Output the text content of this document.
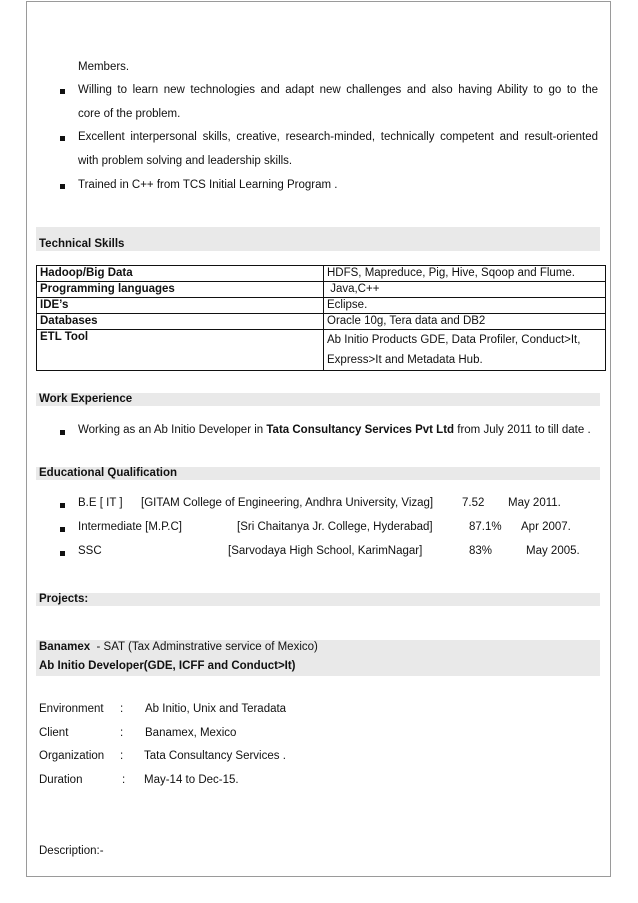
Members.
Willing to learn new technologies and adapt new challenges and also having Ability to go to the
core of the problem.
Excellent interpersonal skills, creative, research-minded, technically competent and result-oriented
with problem solving and leadership skills.
Trained in C++ from TCS Initial Learning Program .
Technical Skills
Hadoop/Big Data	HDFS, Mapreduce, Pig, Hive, Sqoop and Flume.
Programming languages	Java,C++
IDE’s	Eclipse.
Databases	Oracle 10g, Tera data and DB2
ETL Tool	Ab Initio Products GDE, Data Profiler, Conduct>It,
Express>It and Metadata Hub.
Work Experience
Working as an Ab Initio Developer in Tata Consultancy Services Pvt Ltd from July 2011 to till date .
Educational Qualification
B.E [ IT ] [GITAM College of Engineering, Andhra University, Vizag]	7.52 May 2011.
Intermediate [M.P.C]	[Sri Chaitanya Jr. College, Hyderabad]	87.1% Apr 2007.
SSC	[Sarvodaya High School, KarimNagar]	83%	May 2005.
Projects:
Banamex  - SAT (Tax Adminstrative service of Mexico)
Ab Initio Developer(GDE, ICFF and Conduct>It)
Environment : Ab Initio, Unix and Teradata
Client	: Banamex, Mexico
Organization : Tata Consultancy Services .
Duration	: May-14 to Dec-15.
Description:-
